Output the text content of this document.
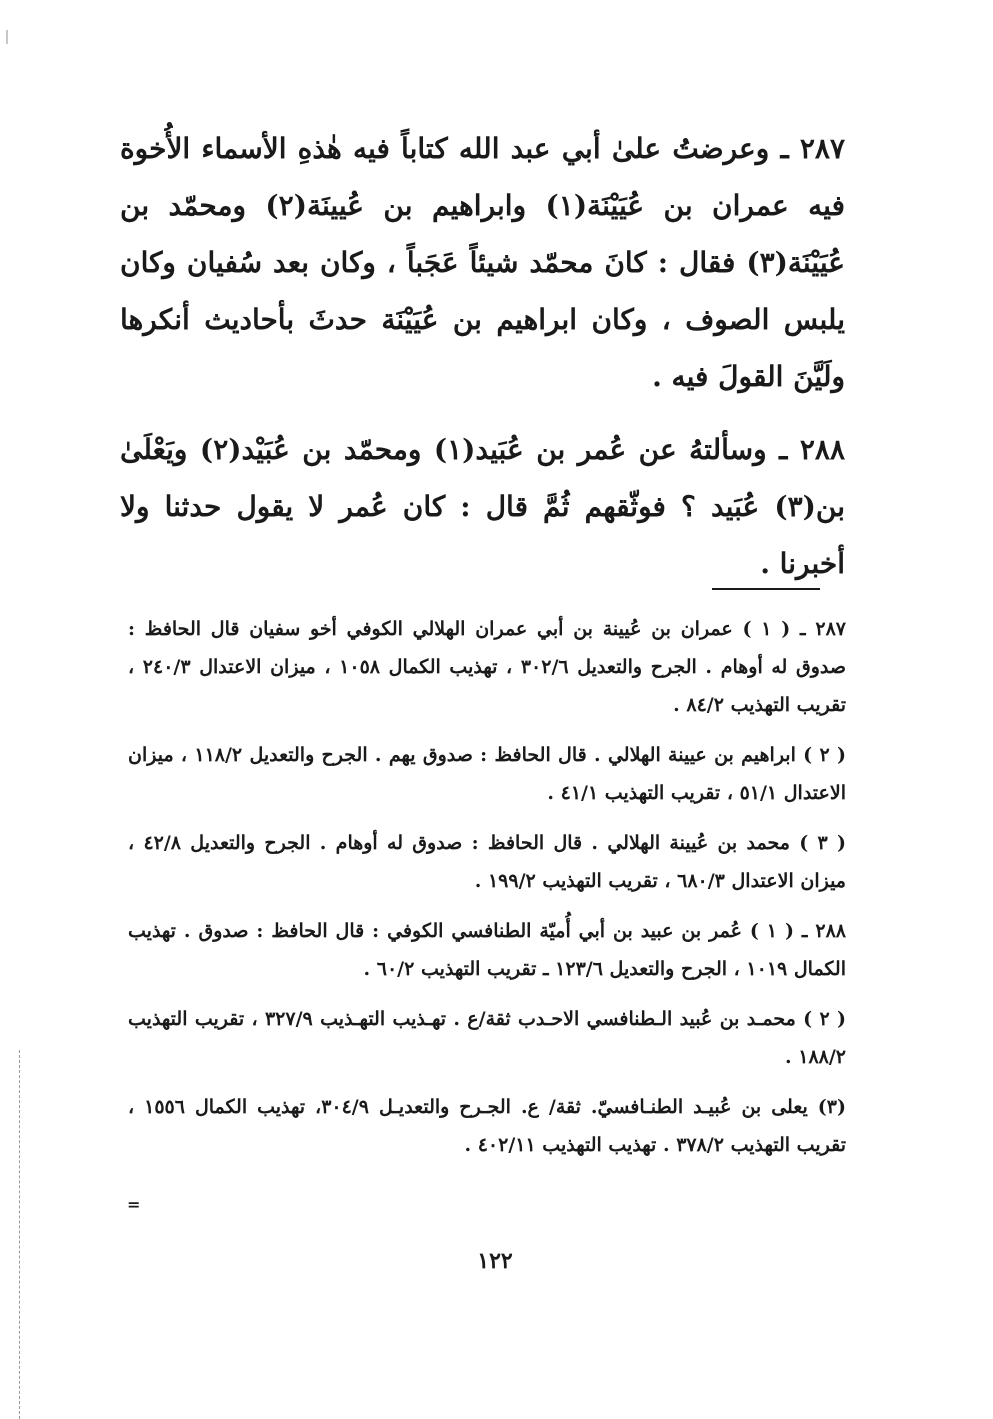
٢٨٧ ـ وعرضتُ علىٰ أبي عبد الله كتاباً فيه هٰذهِ الأسماء الأُخوة فيه عمران بن عُيَيْنَة(١) وابراهيم بن عُيينَة(٢) ومحمّد بن عُيَيْنَة(٣) فقال : كانَ محمّد شيئاً عَجَباً ، وكان بعد سُفيان وكان يلبس الصوف ، وكان ابراهيم بن عُيَيْنَة حدثَ بأحاديث أنكرها ولَيَّنَ القولَ فيه .

٢٨٨ ـ وسألتهُ عن عُمر بن عُبَيد(١) ومحمّد بن عُبَيْد(٢) ويَعْلَىٰ بن(٣) عُبَيد ؟ فوثّقهم ثُمَّ قال : كان عُمر لا يقول حدثنا ولا أخبرنا .

٢٨٧ ـ ( ١ ) عمران بن عُيينة بن أبي عمران الهلالي الكوفي أخو سفيان قال الحافظ : صدوق له أوهام . الجرح والتعديل ٣٠٢/٦ ، تهذيب الكمال ١٠٥٨ ، ميزان الاعتدال ٢٤٠/٣ ، تقريب التهذيب ٨٤/٢ .

( ٢ ) ابراهيم بن عيينة الهلالي . قال الحافظ : صدوق يهم . الجرح والتعديل ١١٨/٢ ، ميزان الاعتدال ٥١/١ ، تقريب التهذيب ٤١/١ .

( ٣ ) محمد بن عُيينة الهلالي . قال الحافظ : صدوق له أوهام . الجرح والتعديل ٤٢/٨ ، ميزان الاعتدال ٦٨٠/٣ ، تقريب التهذيب ١٩٩/٢ .

٢٨٨ ـ ( ١ ) عُمر بن عبيد بن أبي أُميّة الطنافسي الكوفي : قال الحافظ : صدوق . تهذيب الكمال ١٠١٩ ، الجرح والتعديل ١٢٣/٦ ـ تقريب التهذيب ٦٠/٢ .

( ٢ ) محمـد بن عُبيد الـطنافسي الاحـدب ثقة/ع . تهـذيب التهـذيب ٣٢٧/٩ ، تقريب التهذيب ١٨٨/٢ .

(٣) يعلى بن عُبيـد الطنـافسيّ. ثقة/ ع. الجـرح والتعديـل ٣٠٤/٩، تهذيب الكمال ١٥٥٦ ، تقريب التهذيب ٣٧٨/٢ . تهذيب التهذيب ٤٠٢/١١ .

=
١٢٢
